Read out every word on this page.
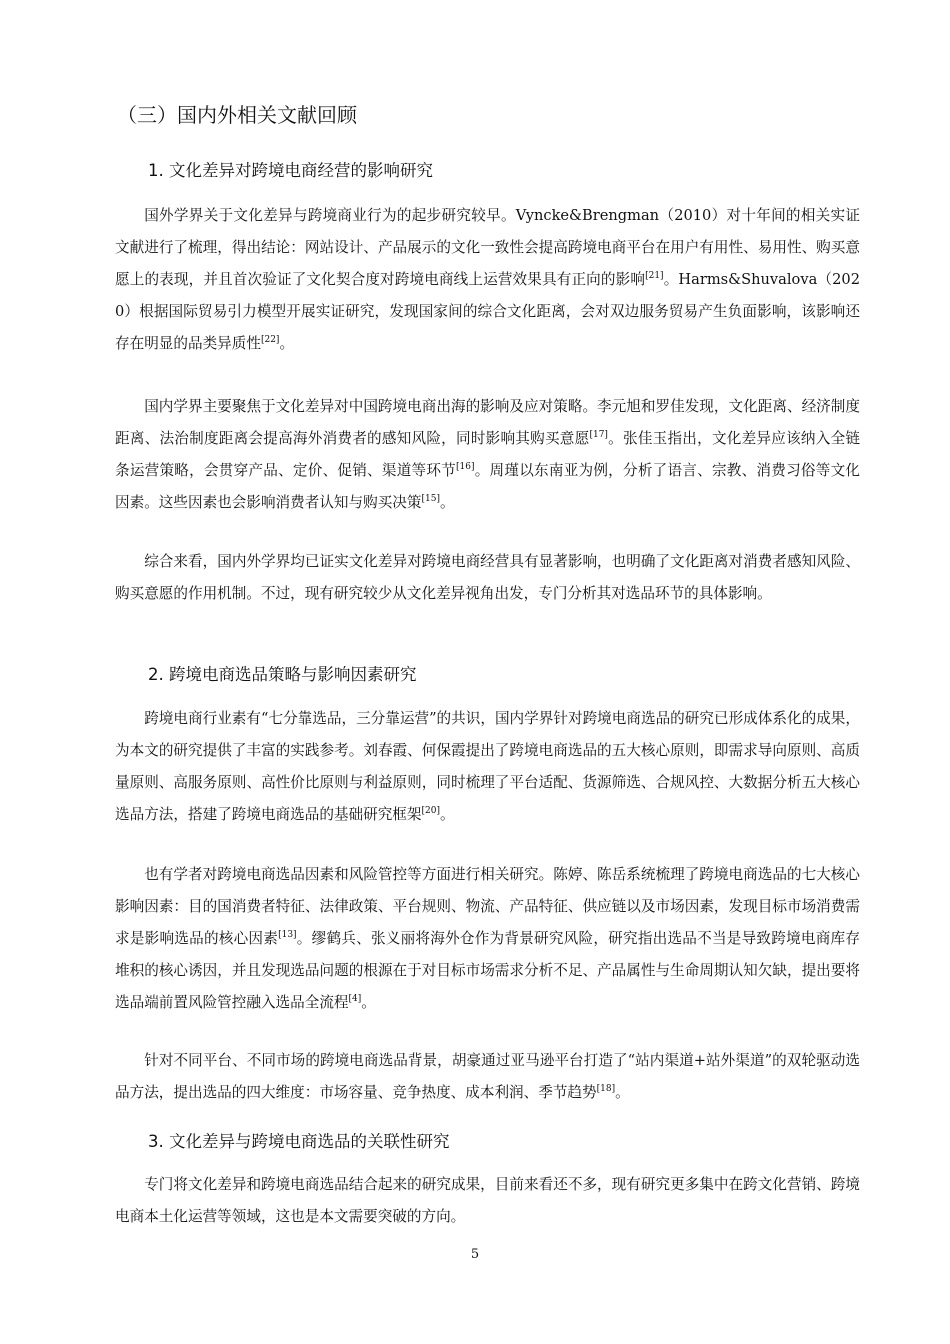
（三）国内外相关文献回顾
1. 文化差异对跨境电商经营的影响研究

国外学界关于文化差异与跨境商业行为的起步研究较早。Vyncke&Brengman（2010）对十年间的相关实证文献进行了梳理，得出结论：网站设计、产品展示的文化一致性会提高跨境电商平台在用户有用性、易用性、购买意愿上的表现，并且首次验证了文化契合度对跨境电商线上运营效果具有正向的影响[21]。Harms&Shuvalova（2020）根据国际贸易引力模型开展实证研究，发现国家间的综合文化距离，会对双边服务贸易产生负面影响，该影响还存在明显的品类异质性[22]。

国内学界主要聚焦于文化差异对中国跨境电商出海的影响及应对策略。李元旭和罗佳发现，文化距离、经济制度距离、法治制度距离会提高海外消费者的感知风险，同时影响其购买意愿[17]。张佳玉指出，文化差异应该纳入全链条运营策略，会贯穿产品、定价、促销、渠道等环节[16]。周瑾以东南亚为例，分析了语言、宗教、消费习俗等文化因素。这些因素也会影响消费者认知与购买决策[15]。

综合来看，国内外学界均已证实文化差异对跨境电商经营具有显著影响，也明确了文化距离对消费者感知风险、购买意愿的作用机制。不过，现有研究较少从文化差异视角出发，专门分析其对选品环节的具体影响。

2. 跨境电商选品策略与影响因素研究

跨境电商行业素有“七分靠选品，三分靠运营”的共识，国内学界针对跨境电商选品的研究已形成体系化的成果，为本文的研究提供了丰富的实践参考。刘春霞、何保霞提出了跨境电商选品的五大核心原则，即需求导向原则、高质量原则、高服务原则、高性价比原则与利益原则，同时梳理了平台适配、货源筛选、合规风控、大数据分析五大核心选品方法，搭建了跨境电商选品的基础研究框架[20]。

也有学者对跨境电商选品因素和风险管控等方面进行相关研究。陈婷、陈岳系统梳理了跨境电商选品的七大核心影响因素：目的国消费者特征、法律政策、平台规则、物流、产品特征、供应链以及市场因素，发现目标市场消费需求是影响选品的核心因素[13]。缪鹤兵、张义丽将海外仓作为背景研究风险，研究指出选品不当是导致跨境电商库存堆积的核心诱因，并且发现选品问题的根源在于对目标市场需求分析不足、产品属性与生命周期认知欠缺，提出要将选品端前置风险管控融入选品全流程[4]。

针对不同平台、不同市场的跨境电商选品背景，胡豪通过亚马逊平台打造了“站内渠道+站外渠道”的双轮驱动选品方法，提出选品的四大维度：市场容量、竞争热度、成本利润、季节趋势[18]。

3. 文化差异与跨境电商选品的关联性研究

专门将文化差异和跨境电商选品结合起来的研究成果，目前来看还不多，现有研究更多集中在跨文化营销、跨境电商本土化运营等领域，这也是本文需要突破的方向。

5
